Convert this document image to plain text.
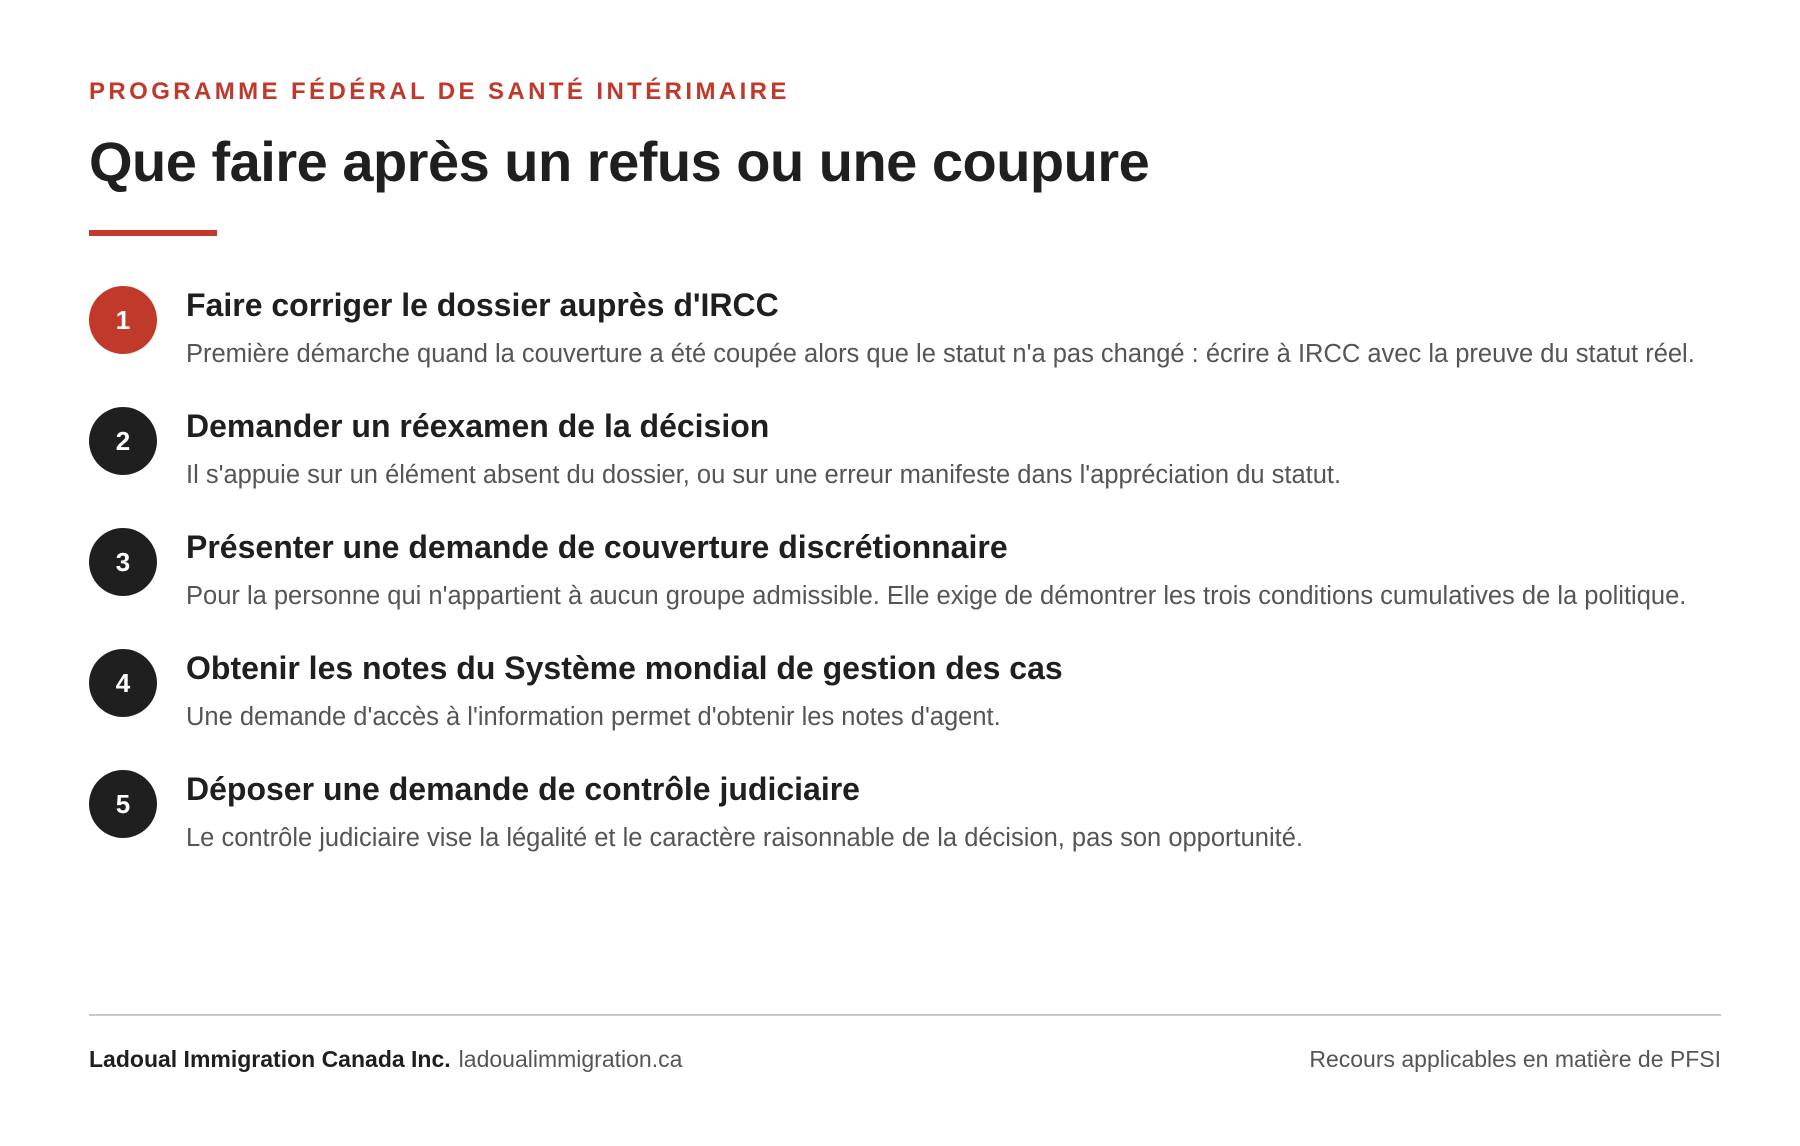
PROGRAMME FÉDÉRAL DE SANTÉ INTÉRIMAIRE

Que faire après un refus ou une coupure
1	Faire corriger le dossier auprès d'IRCC
Première démarche quand la couverture a été coupée alors que le statut n'a pas changé : écrire à IRCC avec la preuve du statut réel.
2	Demander un réexamen de la décision
Il s'appuie sur un élément absent du dossier, ou sur une erreur manifeste dans l'appréciation du statut.
3	Présenter une demande de couverture discrétionnaire
Pour la personne qui n'appartient à aucun groupe admissible. Elle exige de démontrer les trois conditions cumulatives de la politique.
4	Obtenir les notes du Système mondial de gestion des cas
Une demande d'accès à l'information permet d'obtenir les notes d'agent.
5	Déposer une demande de contrôle judiciaire
Le contrôle judiciaire vise la légalité et le caractère raisonnable de la décision, pas son opportunité.
Ladoual Immigration Canada Inc. ladoualimmigration.ca	Recours applicables en matière de PFSI
